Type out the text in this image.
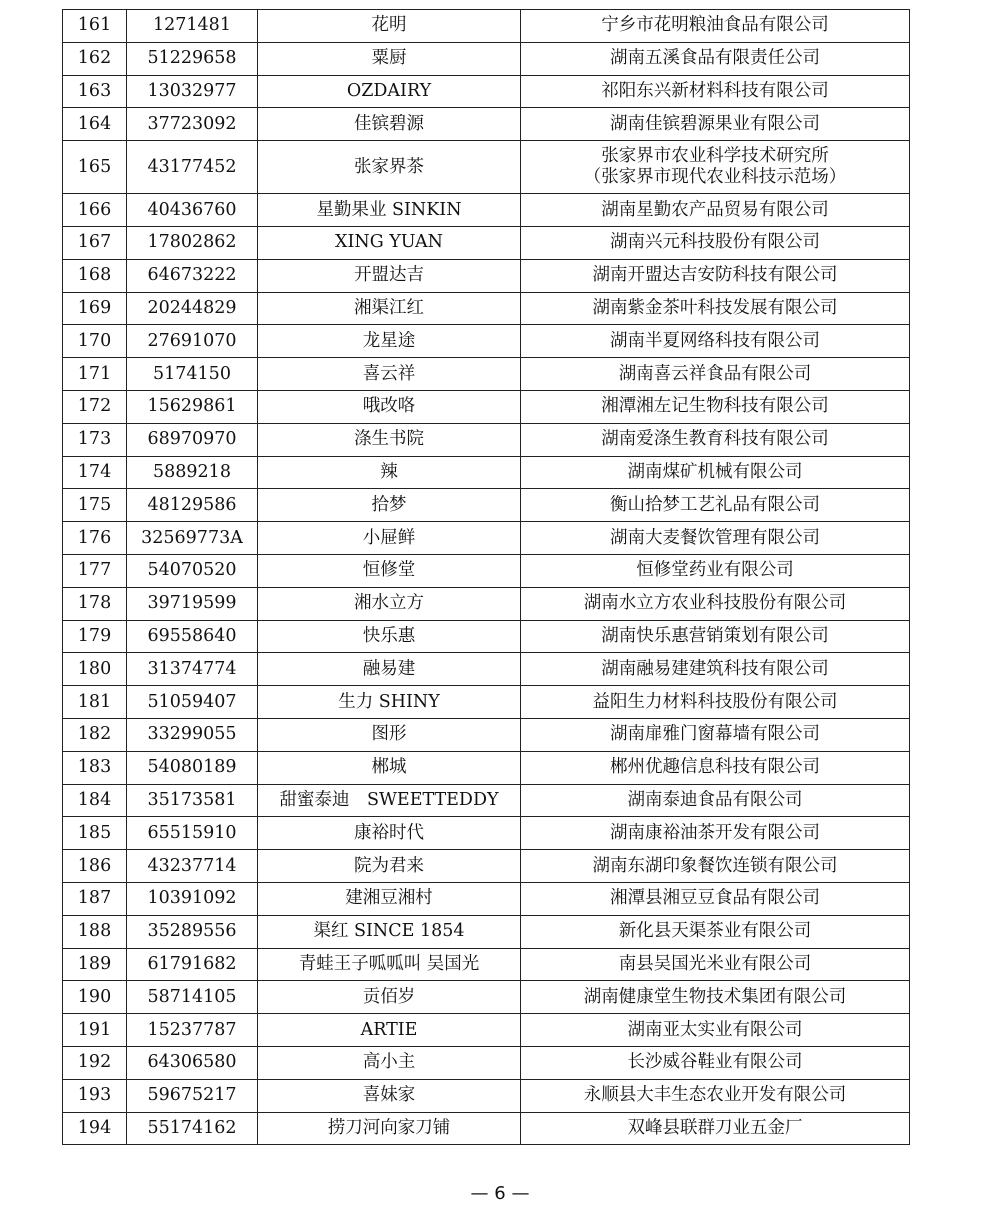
161	1271481	花明	宁乡市花明粮油食品有限公司
162	51229658	粟厨	湖南五溪食品有限责任公司
163	13032977	OZDAIRY	祁阳东兴新材料科技有限公司
164	37723092	佳镔碧源	湖南佳镔碧源果业有限公司
165	43177452	张家界茶	张家界市农业科学技术研究所
（张家界市现代农业科技示范场）

166	40436760	星勤果业 SINKIN	湖南星勤农产品贸易有限公司
167	17802862	XING YUAN	湖南兴元科技股份有限公司
168	64673222	开盟达吉	湖南开盟达吉安防科技有限公司
169	20244829	湘渠江红	湖南紫金茶叶科技发展有限公司
170	27691070	龙星途	湖南半夏网络科技有限公司
171	5174150	喜云祥	湖南喜云祥食品有限公司
172	15629861	哦改咯	湘潭湘左记生物科技有限公司
173	68970970	涤生书院	湖南爱涤生教育科技有限公司
174	5889218	辣	湖南煤矿机械有限公司
175	48129586	拾梦	衡山拾梦工艺礼品有限公司
176	32569773A	小屉鲜	湖南大麦餐饮管理有限公司
177	54070520	恒修堂	恒修堂药业有限公司
178	39719599	湘水立方	湖南水立方农业科技股份有限公司
179	69558640	快乐惠	湖南快乐惠营销策划有限公司
180	31374774	融易建	湖南融易建建筑科技有限公司
181	51059407	生力 SHINY	益阳生力材料科技股份有限公司
182	33299055	图形	湖南扉雅门窗幕墙有限公司
183	54080189	郴城	郴州优趣信息科技有限公司
184	35173581	甜蜜泰迪　SWEETTEDDY	湖南泰迪食品有限公司
185	65515910	康裕时代	湖南康裕油茶开发有限公司
186	43237714	院为君来	湖南东湖印象餐饮连锁有限公司
187	10391092	建湘豆湘村	湘潭县湘豆豆食品有限公司
188	35289556	渠红 SINCE 1854	新化县天渠茶业有限公司
189	61791682	青蛙王子呱呱叫 吴国光	南县吴国光米业有限公司
190	58714105	贡佰岁	湖南健康堂生物技术集团有限公司
191	15237787	ARTIE	湖南亚太实业有限公司
192	64306580	高小主	长沙威谷鞋业有限公司
193	59675217	喜妹家	永顺县大丰生态农业开发有限公司
194	55174162	捞刀河向家刀铺	双峰县联群刀业五金厂
— 6 —
